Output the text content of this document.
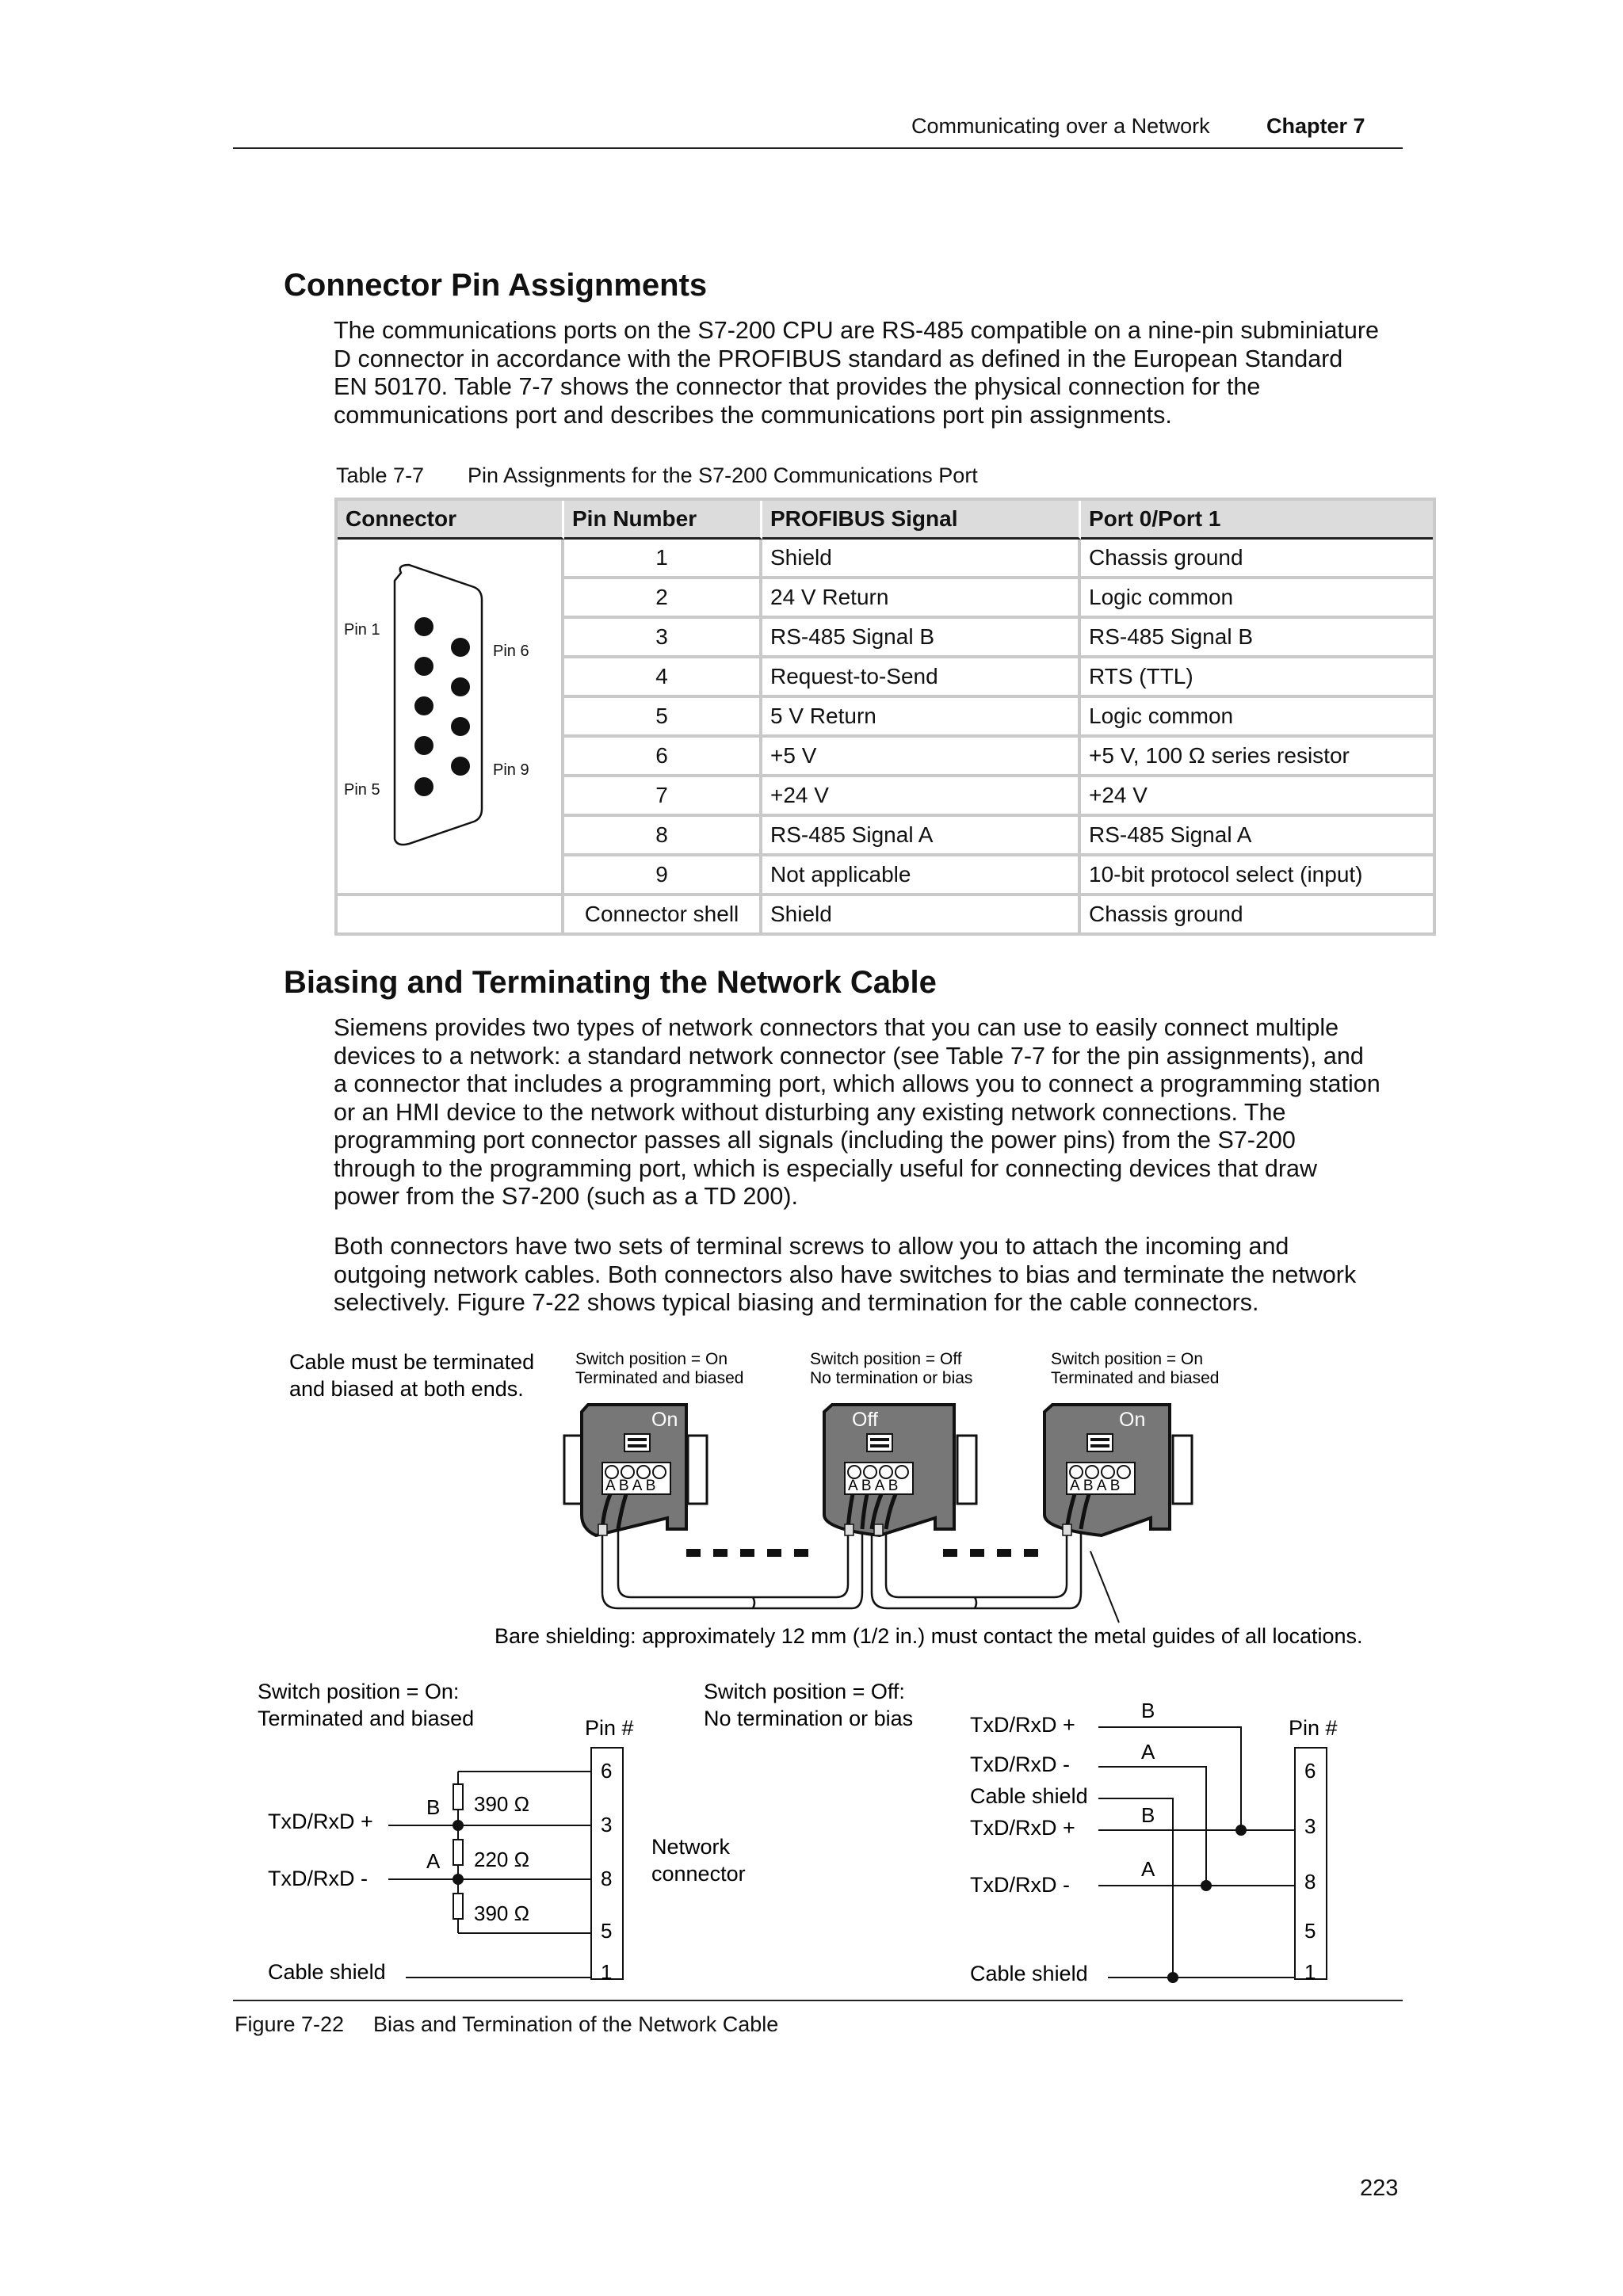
Communicating over a Network	Chapter 7
Connector Pin Assignments
The communications ports on the S7-200 CPU are RS-485 compatible on a nine-pin subminiature
D connector in accordance with the PROFIBUS standard as defined in the European Standard
EN 50170. Table 7-7 shows the connector that provides the physical connection for the
communications port and describes the communications port pin assignments.
Table 7-7 Pin Assignments for the S7-200 Communications Port
Connector	Pin Number	PROFIBUS Signal	Port 0/Port 1

Pin 1
Pin 6
Pin 9
Pin 5	1	Shield	Chassis ground
	2	24 V Return	Logic common
	3	RS-485 Signal B	RS-485 Signal B
	4	Request-to-Send	RTS (TTL)
	5	5 V Return	Logic common
	6	+5 V	+5 V, 100 Ω series resistor
	7	+24 V	+24 V
	8	RS-485 Signal A	RS-485 Signal A
	9	Not applicable	10-bit protocol select (input)
	Connector shell	Shield	Chassis ground
Biasing and Terminating the Network Cable
Siemens provides two types of network connectors that you can use to easily connect multiple
devices to a network: a standard network connector (see Table 7-7 for the pin assignments), and
a connector that includes a programming port, which allows you to connect a programming station
or an HMI device to the network without disturbing any existing network connections. The
programming port connector passes all signals (including the power pins) from the S7-200
through to the programming port, which is especially useful for connecting devices that draw
power from the S7-200 (such as a TD 200).
Both connectors have two sets of terminal screws to allow you to attach the incoming and
outgoing network cables. Both connectors also have switches to bias and terminate the network
selectively. Figure 7-22 shows typical biasing and termination for the cable connectors.
Cable must be terminated
and biased at both ends.
Switch position = On
Terminated and biased
Switch position = Off
No termination or bias
Switch position = On
Terminated and biased
A B A B
On
A B A B
Off
A B A B
On
Bare shielding: approximately 12 mm (1/2 in.) must contact the metal guides of all locations.
Switch position = On:
Terminated and biased	Pin #
6
3
8
5
1
TxD/RxD +
TxD/RxD -
Cable shield
B
A
390 Ω
220 Ω
390 Ω
Network
connector
Switch position = Off:
No termination or bias	Pin #
6
3
8
5
1
TxD/RxD +
TxD/RxD -
Cable shield
TxD/RxD +
TxD/RxD -
Cable shield
B
A
B
A
Figure 7-22 Bias and Termination of the Network Cable
223
